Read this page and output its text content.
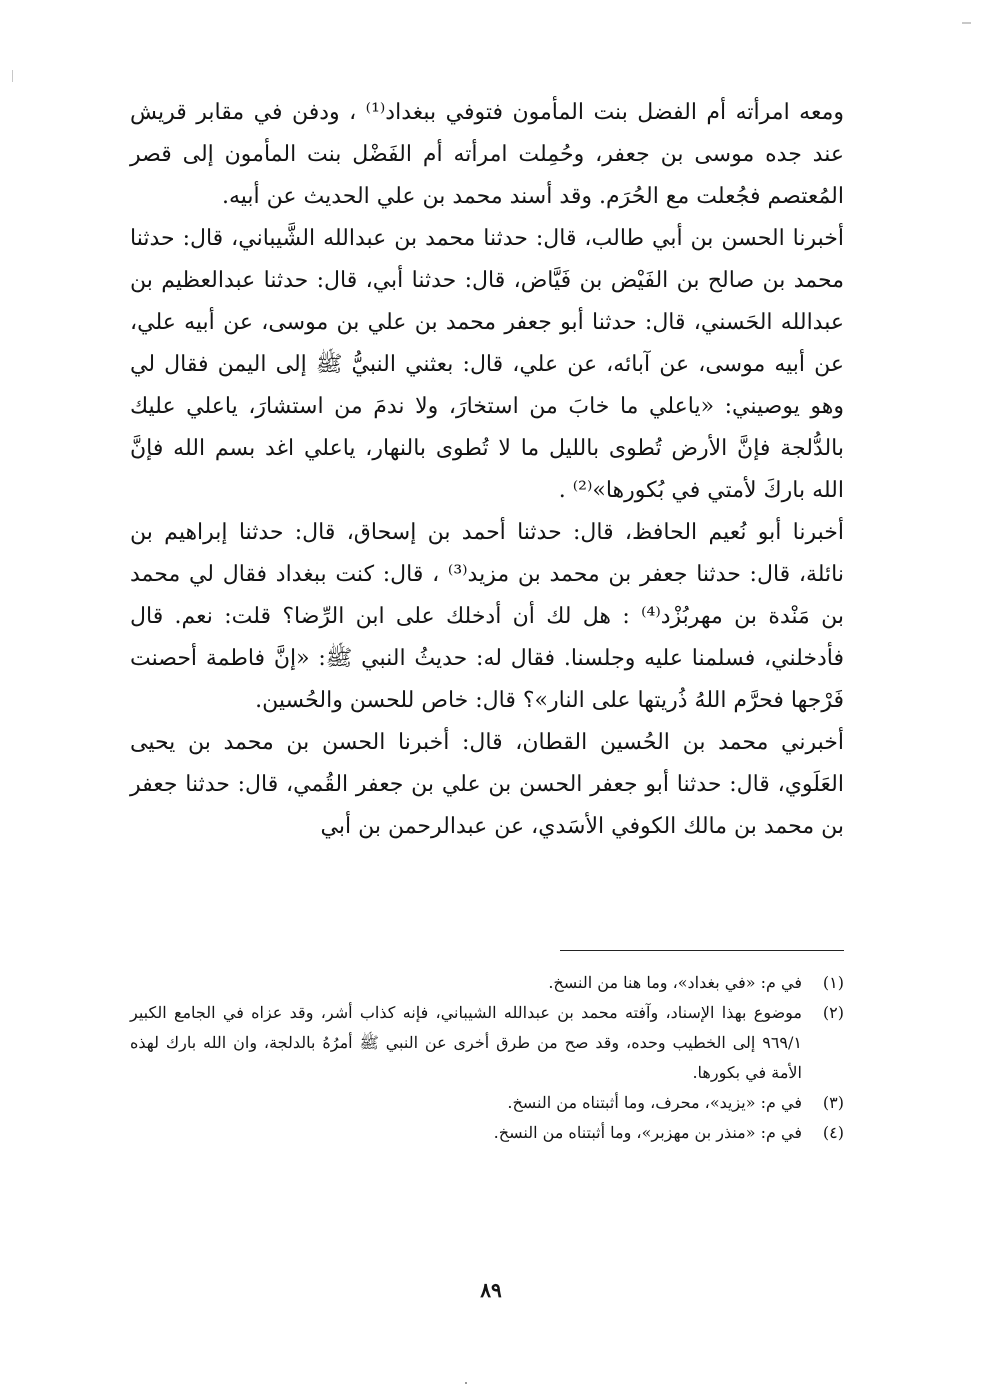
ومعه امرأته أم الفضل بنت المأمون فتوفي ببغداد⁽¹⁾ ، ودفن في مقابر قريش عند جده موسى بن جعفر، وحُمِلت امرأته أم الفَضْل بنت المأمون إلى قصر المُعتصم فجُعلت مع الحُرَم. وقد أسند محمد بن علي الحديث عن أبيه.

أخبرنا الحسن بن أبي طالب، قال: حدثنا محمد بن عبدالله الشَّيباني، قال: حدثنا محمد بن صالح بن الفَيْض بن فَيَّاض، قال: حدثنا أبي، قال: حدثنا عبدالعظيم بن عبدالله الحَسني، قال: حدثنا أبو جعفر محمد بن علي بن موسى، عن أبيه علي، عن أبيه موسى، عن آبائه، عن علي، قال: بعثني النبيُّ ﷺ إلى اليمن فقال لي وهو يوصيني: «ياعلي ما خابَ من استخارَ، ولا ندمَ من استشارَ، ياعلي عليك بالدُّلجة فإنَّ الأرض تُطوى بالليل ما لا تُطوى بالنهار، ياعلي اغد بسم الله فإنَّ الله باركَ لأمتي في بُكورها»⁽²⁾ .

أخبرنا أبو نُعيم الحافظ، قال: حدثنا أحمد بن إسحاق، قال: حدثنا إبراهيم بن نائلة، قال: حدثنا جعفر بن محمد بن مزيد⁽³⁾ ، قال: كنت ببغداد فقال لي محمد بن مَنْدة بن مهربُزْد⁽⁴⁾ : هل لك أن أدخلك على ابن الرِّضا؟ قلت: نعم. قال فأدخلني، فسلمنا عليه وجلسنا. فقال له: حديثُ النبي ﷺ: «إنَّ فاطمة أحصنت فَرْجها فحرَّم اللهُ ذُريتها على النار»؟ قال: خاص للحسن والحُسين.

أخبرني محمد بن الحُسين القطان، قال: أخبرنا الحسن بن محمد بن يحيى العَلَوي، قال: حدثنا أبو جعفر الحسن بن علي بن جعفر القُمي، قال: حدثنا جعفر بن محمد بن مالك الكوفي الأسَدي، عن عبدالرحمن بن أبي

(١)
في م: «في بغداد»، وما هنا من النسخ.
(٢)
موضوع بهذا الإسناد، وآفته محمد بن عبدالله الشيباني، فإنه كذاب أشر، وقد عزاه في الجامع الكبير ٩٦٩/١ إلى الخطيب وحده، وقد صح من طرق أخرى عن النبي ﷺ أمرُهُ بالدلجة، وان الله بارك لهذه الأمة في بكورها.
(٣)
في م: «يزيد»، محرف، وما أثبتناه من النسخ.
(٤)
في م: «منذر بن مهزبر»، وما أثبتناه من النسخ.
٨٩
